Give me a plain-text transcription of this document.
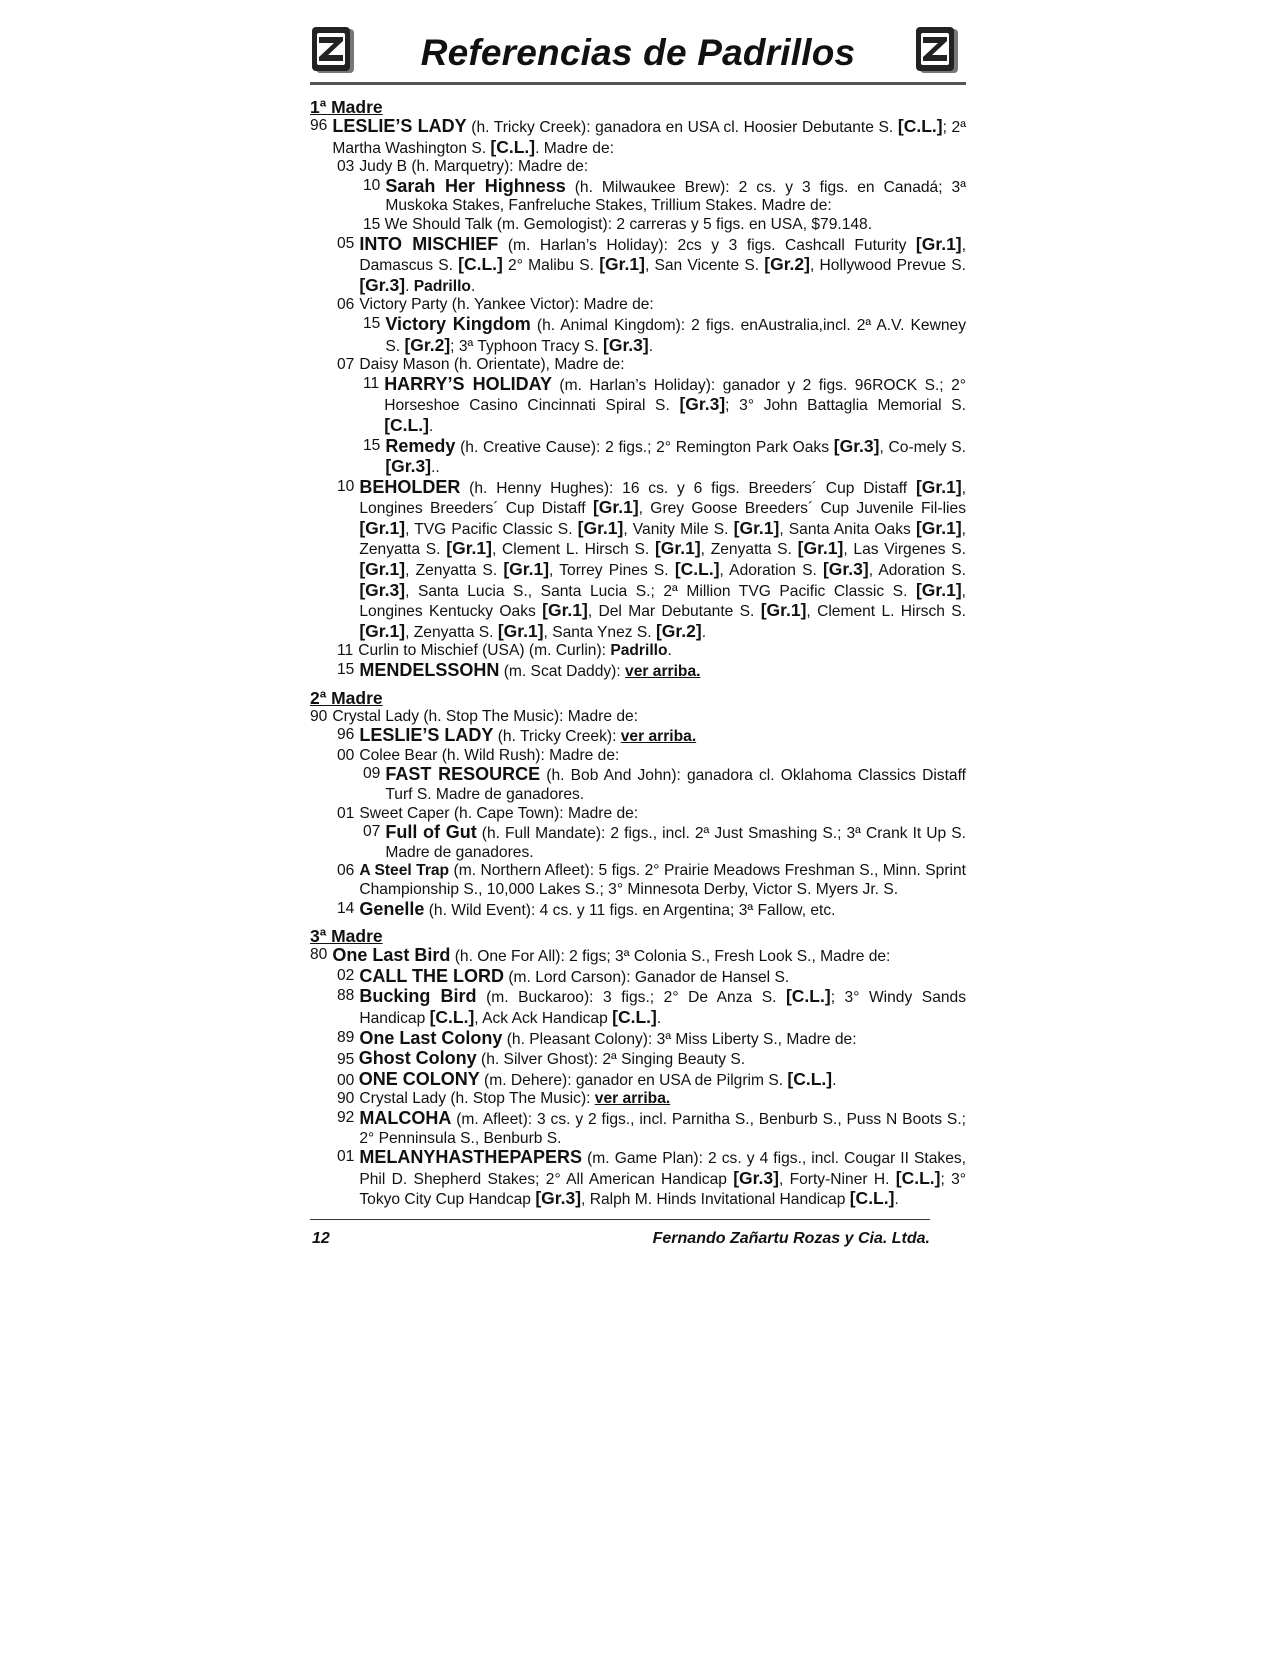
Referencias de Padrillos
1ª Madre
96 LESLIE’S LADY (h. Tricky Creek): ganadora en USA cl. Hoosier Debutante S. [C.L.]; 2ª Martha Washington S. [C.L.]. Madre de:
03 Judy B (h. Marquetry): Madre de:
10 Sarah Her Highness (h. Milwaukee Brew): 2 cs. y 3 figs. en Canadá; 3ª Muskoka Stakes, Fanfreluche Stakes, Trillium Stakes. Madre de:
15 We Should Talk (m. Gemologist): 2 carreras y 5 figs. en USA, $79.148.
05 INTO MISCHIEF (m. Harlan’s Holiday): 2cs y 3 figs. Cashcall Futurity [Gr.1], Damascus S. [C.L.] 2° Malibu S. [Gr.1], San Vicente S. [Gr.2], Hollywood Prevue S. [Gr.3]. Padrillo.
06 Victory Party (h. Yankee Victor): Madre de:
15 Victory Kingdom (h. Animal Kingdom): 2 figs. enAustralia,incl. 2ª A.V. Kewney S. [Gr.2]; 3ª Typhoon Tracy S. [Gr.3].
07 Daisy Mason (h. Orientate), Madre de:
11 HARRY’S HOLIDAY (m. Harlan’s Holiday): ganador y 2 figs. 96ROCK S.; 2° Horseshoe Casino Cincinnati Spiral S. [Gr.3]; 3° John Battaglia Memorial S. [C.L.].
15 Remedy (h. Creative Cause): 2 figs.; 2° Remington Park Oaks [Gr.3], Co-mely S. [Gr.3]..
10 BEHOLDER (h. Henny Hughes): 16 cs. y 6 figs. Breeders´ Cup Distaff [Gr.1], Longines Breeders´ Cup Distaff [Gr.1], Grey Goose Breeders´ Cup Juvenile Fil-lies [Gr.1], TVG Pacific Classic S. [Gr.1], Vanity Mile S. [Gr.1], Santa Anita Oaks [Gr.1], Zenyatta S. [Gr.1], Clement L. Hirsch S. [Gr.1], Zenyatta S. [Gr.1], Las Virgenes S. [Gr.1], Zenyatta S. [Gr.1], Torrey Pines S. [C.L.], Adoration S. [Gr.3], Adoration S. [Gr.3], Santa Lucia S., Santa Lucia S.; 2ª Million TVG Pacific Classic S. [Gr.1], Longines Kentucky Oaks [Gr.1], Del Mar Debutante S. [Gr.1], Clement L. Hirsch S. [Gr.1], Zenyatta S. [Gr.1], Santa Ynez S. [Gr.2].
11 Curlin to Mischief (USA) (m. Curlin): Padrillo.
15 MENDELSSOHN (m. Scat Daddy): ver arriba.
2ª Madre
90 Crystal Lady (h. Stop The Music): Madre de:
96 LESLIE’S LADY (h. Tricky Creek): ver arriba.
00 Colee Bear (h. Wild Rush): Madre de:
09 FAST RESOURCE (h. Bob And John): ganadora cl. Oklahoma Classics Distaff Turf S. Madre de ganadores.
01 Sweet Caper (h. Cape Town): Madre de:
07 Full of Gut (h. Full Mandate): 2 figs., incl. 2ª Just Smashing S.; 3ª Crank It Up S. Madre de ganadores.
06 A Steel Trap (m. Northern Afleet): 5 figs. 2° Prairie Meadows Freshman S., Minn. Sprint Championship S., 10,000 Lakes S.; 3° Minnesota Derby, Victor S. Myers Jr. S.
14 Genelle (h. Wild Event): 4 cs. y 11 figs. en Argentina; 3ª Fallow, etc.
3ª Madre
80 One Last Bird (h. One For All): 2 figs; 3ª Colonia S., Fresh Look S., Madre de:
02 CALL THE LORD (m. Lord Carson): Ganador de Hansel S.
88 Bucking Bird (m. Buckaroo): 3 figs.; 2° De Anza S. [C.L.]; 3° Windy Sands Handicap [C.L.], Ack Ack Handicap [C.L.].
89 One Last Colony (h. Pleasant Colony): 3ª Miss Liberty S., Madre de:
95 Ghost Colony (h. Silver Ghost): 2ª Singing Beauty S.
00 ONE COLONY (m. Dehere): ganador en USA de Pilgrim S. [C.L.].
90 Crystal Lady (h. Stop The Music): ver arriba.
92 MALCOHA (m. Afleet): 3 cs. y 2 figs., incl. Parnitha S., Benburb S., Puss N Boots S.; 2° Penninsula S., Benburb S.
01 MELANYHASTHEPAPERS (m. Game Plan): 2 cs. y 4 figs., incl. Cougar II Stakes, Phil D. Shepherd Stakes; 2° All American Handicap [Gr.3], Forty-Niner H. [C.L.]; 3° Tokyo City Cup Handcap [Gr.3], Ralph M. Hinds Invitational Handicap [C.L.].
12	Fernando Zañartu Rozas y Cia. Ltda.
